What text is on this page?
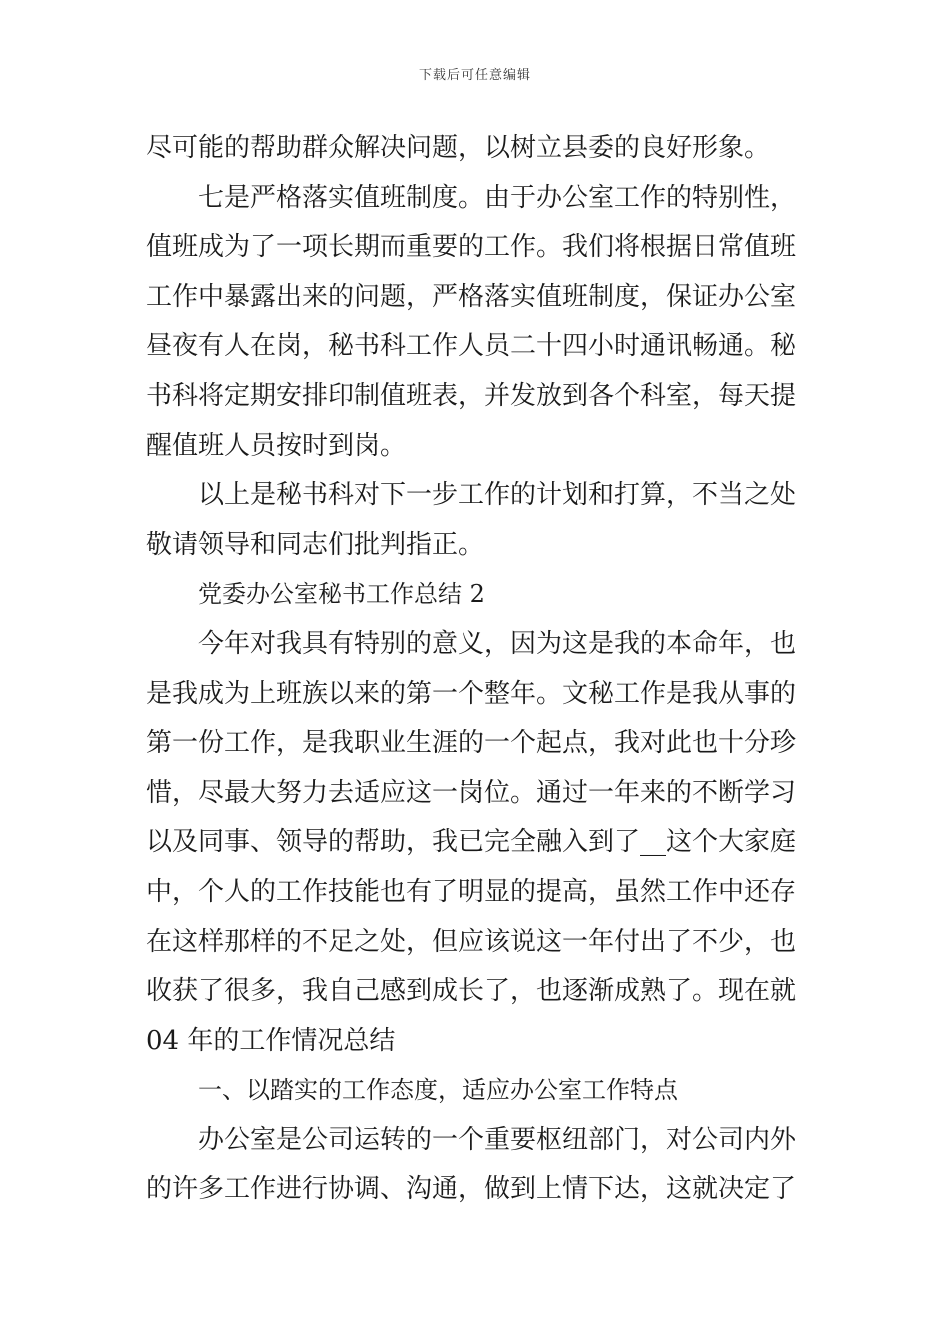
下载后可任意编辑
尽可能的帮助群众解决问题，以树立县委的良好形象。
七是严格落实值班制度。由于办公室工作的特别性，
值班成为了一项长期而重要的工作。我们将根据日常值班
工作中暴露出来的问题，严格落实值班制度，保证办公室
昼夜有人在岗，秘书科工作人员二十四小时通讯畅通。秘
书科将定期安排印制值班表，并发放到各个科室，每天提
醒值班人员按时到岗。
以上是秘书科对下一步工作的计划和打算，不当之处
敬请领导和同志们批判指正。
党委办公室秘书工作总结 2
今年对我具有特别的意义，因为这是我的本命年，也
是我成为上班族以来的第一个整年。文秘工作是我从事的
第一份工作，是我职业生涯的一个起点，我对此也十分珍
惜，尽最大努力去适应这一岗位。通过一年来的不断学习
以及同事、领导的帮助，我已完全融入到了__这个大家庭
中，个人的工作技能也有了明显的提高，虽然工作中还存
在这样那样的不足之处，但应该说这一年付出了不少，也
收获了很多，我自己感到成长了，也逐渐成熟了。现在就
04 年的工作情况总结
一、以踏实的工作态度，适应办公室工作特点
办公室是公司运转的一个重要枢纽部门，对公司内外
的许多工作进行协调、沟通，做到上情下达，这就决定了
